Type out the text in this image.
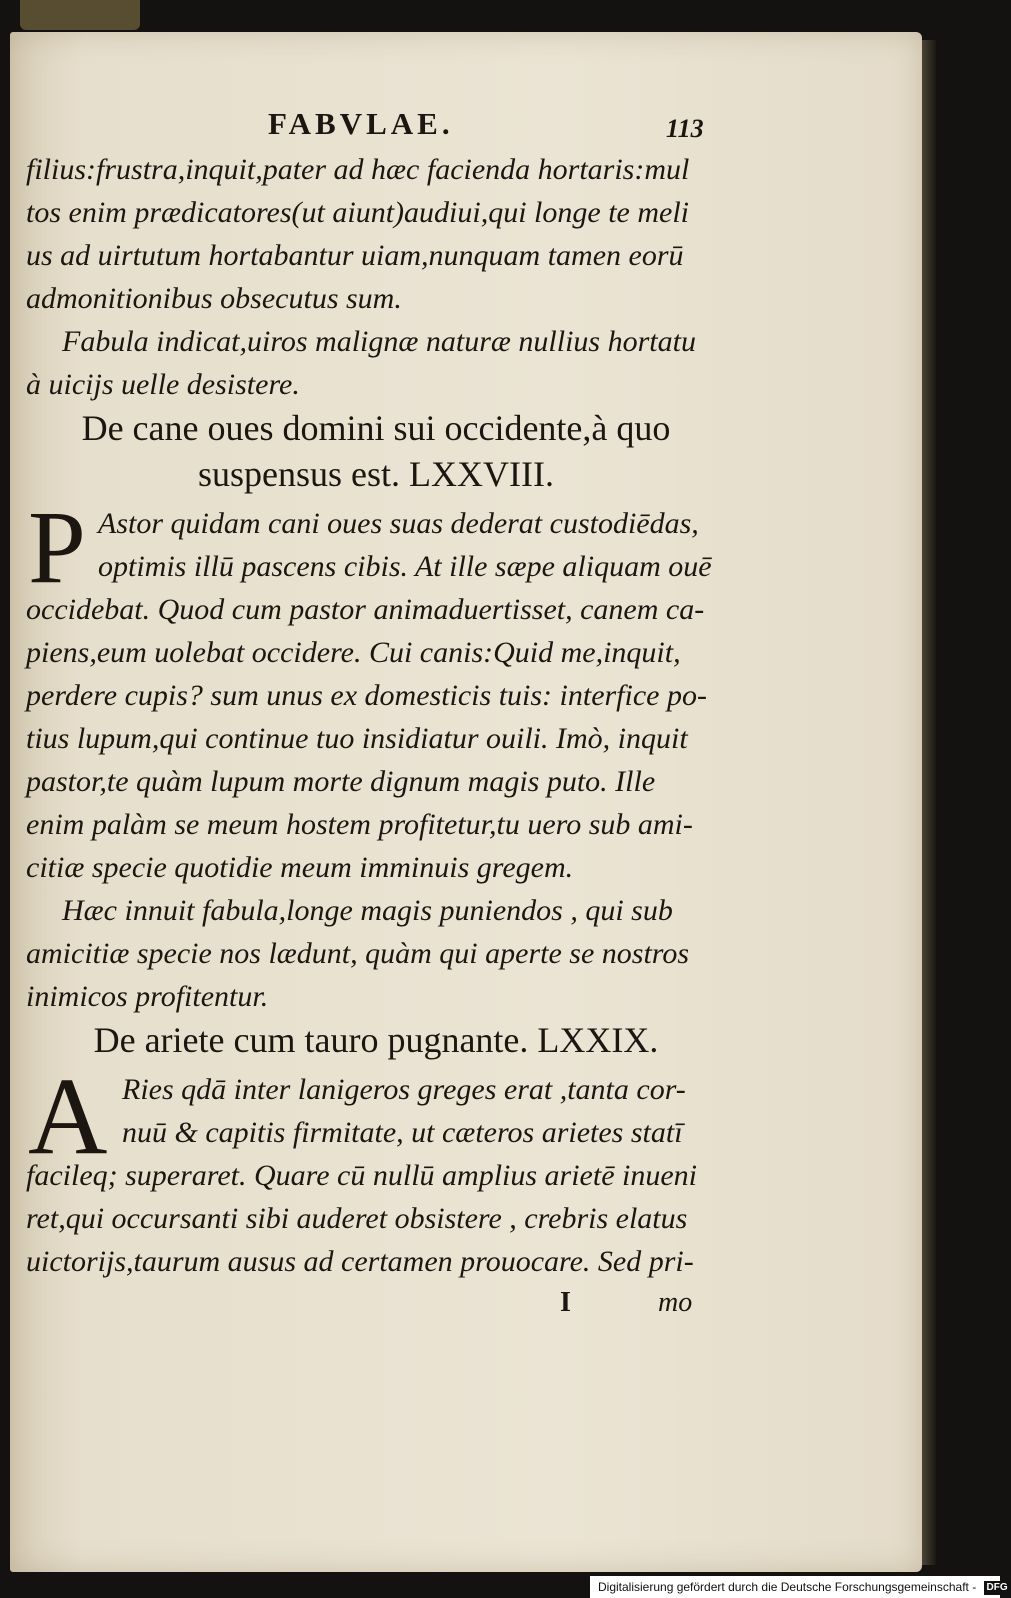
FABVLAE.	113
filius:frustra,inquit,pater ad hæc facienda hortaris:mul
tos enim prædicatores(ut aiunt)audiui,qui longe te meli
us ad uirtutum hortabantur uiam,nunquam tamen eorū
admonitionibus obsecutus sum.
Fabula indicat,uiros malignæ naturæ nullius hortatu
à uicijs uelle desistere.
De cane oues domini sui occidente,à quo
suspensus est. LXXVIII.
P Astor quidam cani oues suas dederat custodiēdas,
optimis illū pascens cibis. At ille sæpe aliquam ouē
occidebat. Quod cum pastor animaduertisset, canem ca-
piens,eum uolebat occidere. Cui canis:Quid me,inquit,
perdere cupis? sum unus ex domesticis tuis: interfice po-
tius lupum,qui continue tuo insidiatur ouili. Imò, inquit
pastor,te quàm lupum morte dignum magis puto. Ille
enim palàm se meum hostem profitetur,tu uero sub ami-
citiæ specie quotidie meum imminuis gregem.
Hæc innuit fabula,longe magis puniendos , qui sub
amicitiæ specie nos lædunt, quàm qui aperte se nostros
inimicos profitentur.
De ariete cum tauro pugnante. LXXIX.
A Ries qdā inter lanigeros greges erat ,tanta cor-
nuū & capitis firmitate, ut cæteros arietes statī
facileq; superaret. Quare cū nullū amplius arietē inueni
ret,qui occursanti sibi auderet obsistere , crebris elatus
uictorijs,taurum ausus ad certamen prouocare. Sed pri-
I	mo
Digitalisierung gefördert durch die Deutsche Forschungsgemeinschaft - DFG
